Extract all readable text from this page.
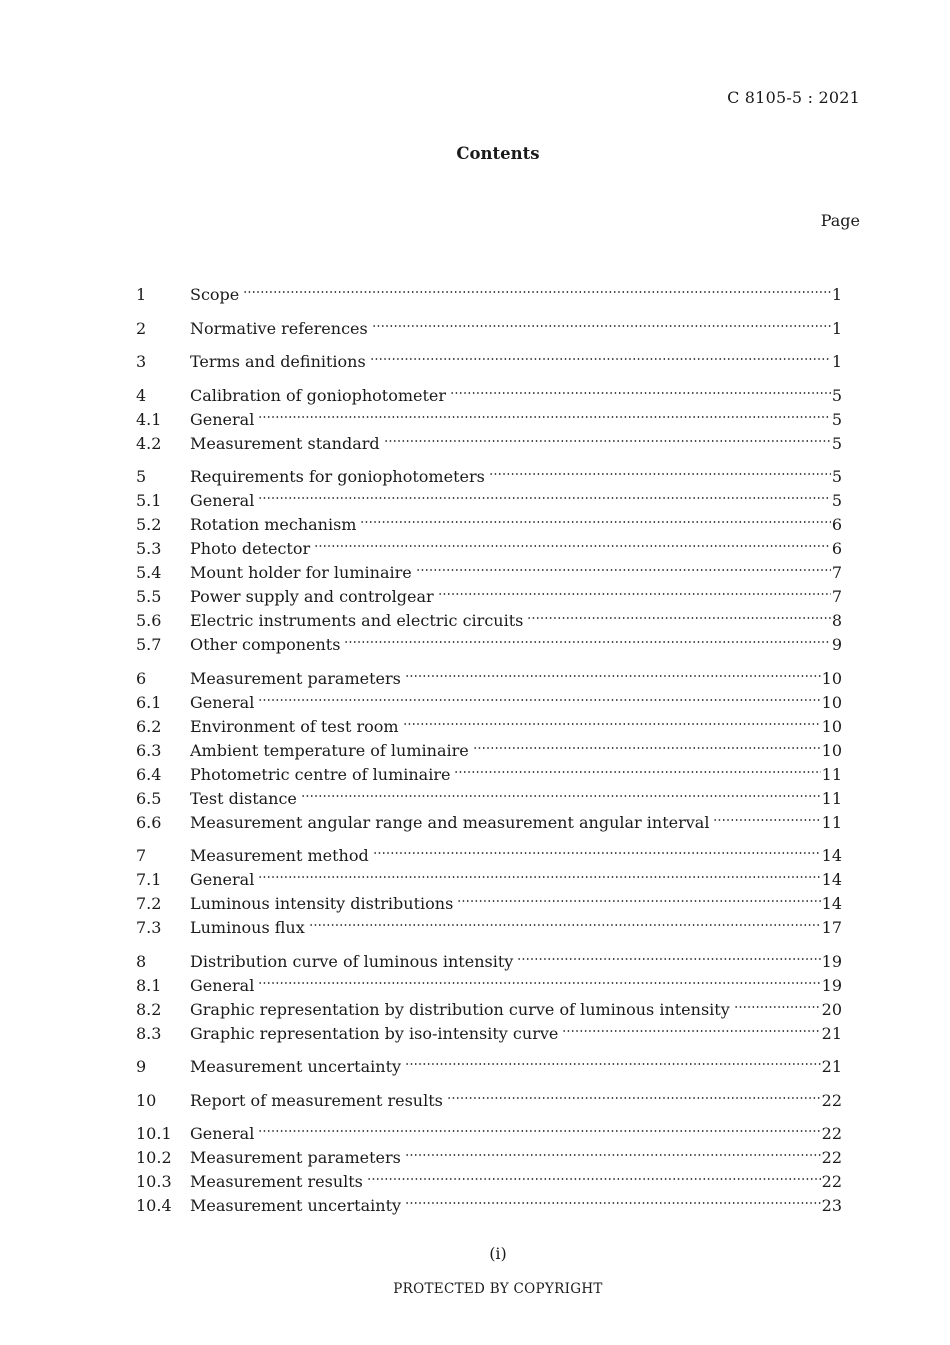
C 8105-5 : 2021
Contents
Page
1	Scope	1
2	Normative references	1
3	Terms and definitions	1
4	Calibration of goniophotometer	5
4.1	General	5
4.2	Measurement standard	5
5	Requirements for goniophotometers	5
5.1	General	5
5.2	Rotation mechanism	6
5.3	Photo detector	6
5.4	Mount holder for luminaire	7
5.5	Power supply and controlgear	7
5.6	Electric instruments and electric circuits	8
5.7	Other components	9
6	Measurement parameters	10
6.1	General	10
6.2	Environment of test room	10
6.3	Ambient temperature of luminaire	10
6.4	Photometric centre of luminaire	11
6.5	Test distance	11
6.6	Measurement angular range and measurement angular interval	11
7	Measurement method	14
7.1	General	14
7.2	Luminous intensity distributions	14
7.3	Luminous flux	17
8	Distribution curve of luminous intensity	19
8.1	General	19
8.2	Graphic representation by distribution curve of luminous intensity	20
8.3	Graphic representation by iso-intensity curve	21
9	Measurement uncertainty	21
10	Report of measurement results	22
10.1	General	22
10.2	Measurement parameters	22
10.3	Measurement results	22
10.4	Measurement uncertainty	23
(i)
PROTECTED BY COPYRIGHT
